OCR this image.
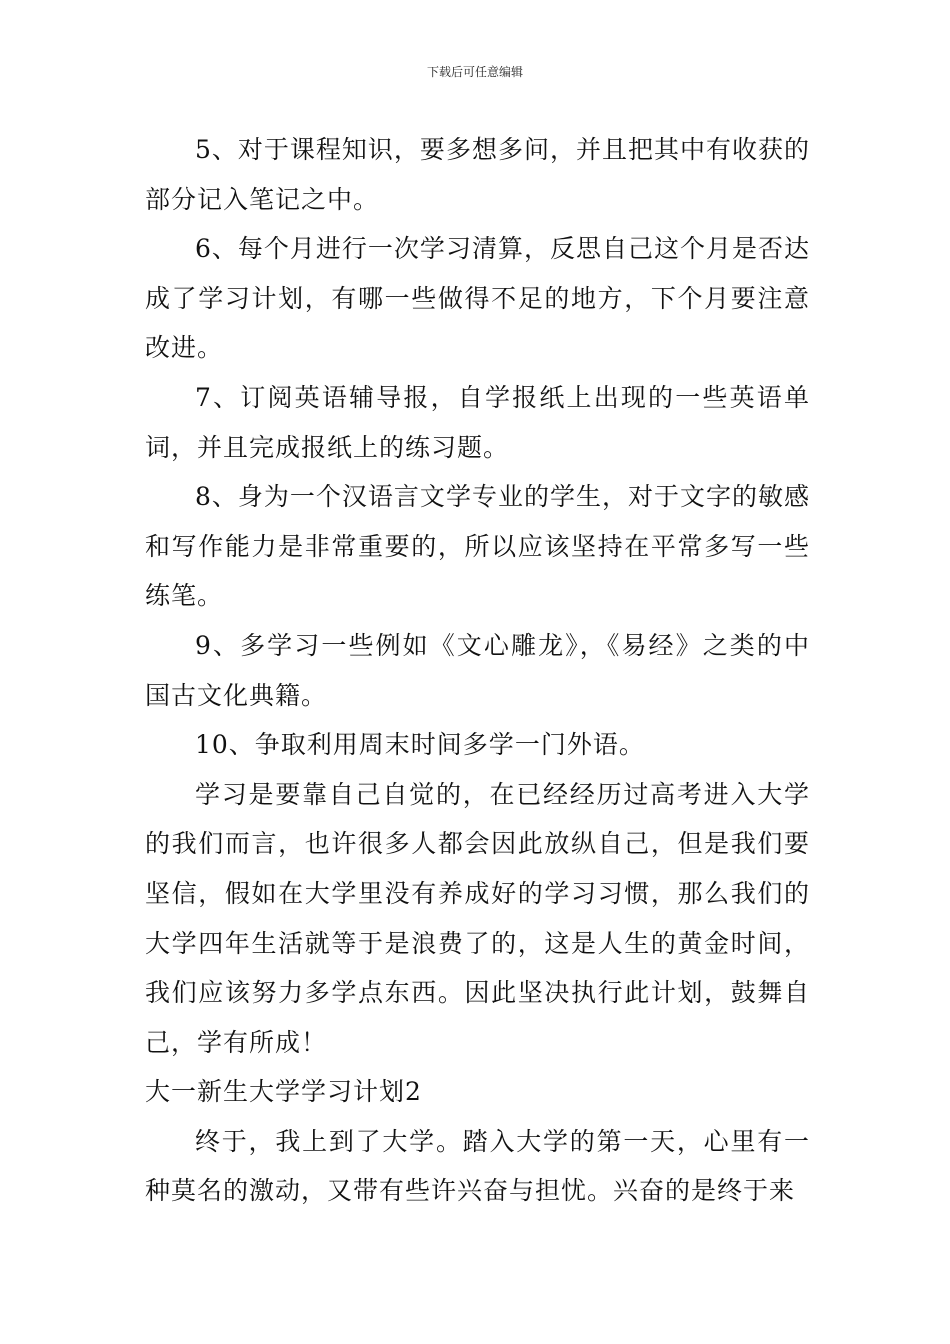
下载后可任意编辑

5、对于课程知识，要多想多问，并且把其中有收获的部分记入笔记之中。

6、每个月进行一次学习清算，反思自己这个月是否达成了学习计划，有哪一些做得不足的地方，下个月要注意改进。

7、订阅英语辅导报，自学报纸上出现的一些英语单词，并且完成报纸上的练习题。

8、身为一个汉语言文学专业的学生，对于文字的敏感和写作能力是非常重要的，所以应该坚持在平常多写一些练笔。

9、多学习一些例如《文心雕龙》，《易经》之类的中国古文化典籍。

10、争取利用周末时间多学一门外语。

学习是要靠自己自觉的，在已经经历过高考进入大学的我们而言，也许很多人都会因此放纵自己，但是我们要坚信，假如在大学里没有养成好的学习习惯，那么我们的大学四年生活就等于是浪费了的，这是人生的黄金时间，我们应该努力多学点东西。因此坚决执行此计划，鼓舞自己，学有所成！

大一新生大学学习计划2

终于，我上到了大学。踏入大学的第一天，心里有一种莫名的激动，又带有些许兴奋与担忧。兴奋的是终于来
